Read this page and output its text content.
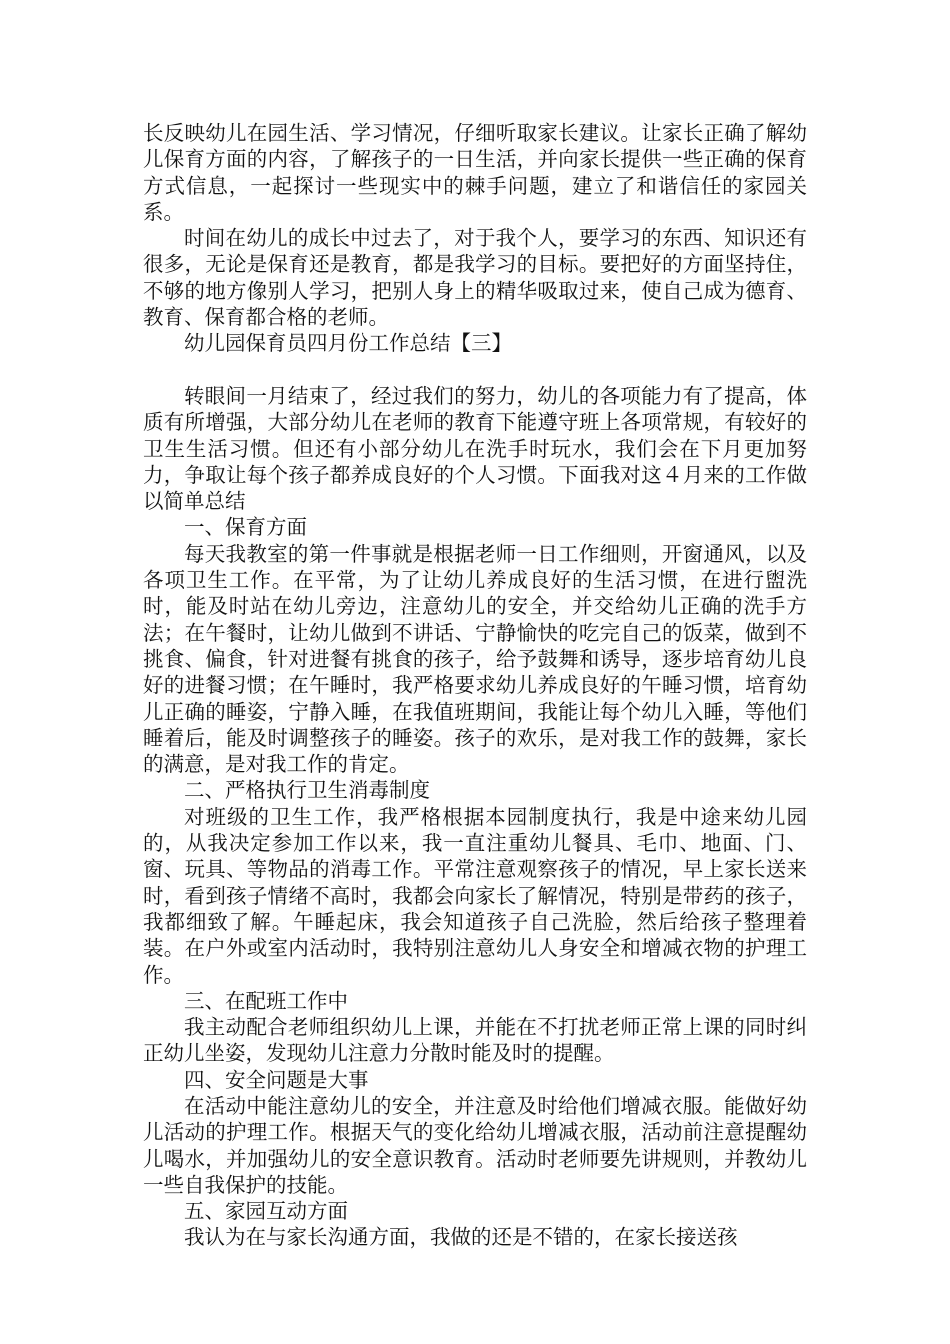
长反映幼儿在园生活、学习情况，仔细听取家长建议。让家长正确了解幼儿保育方面的内容，了解孩子的一日生活，并向家长提供一些正确的保育方式信息，一起探讨一些现实中的棘手问题，建立了和谐信任的家园关系。

时间在幼儿的成长中过去了，对于我个人，要学习的东西、知识还有很多，无论是保育还是教育，都是我学习的目标。要把好的方面坚持住，不够的地方像别人学习，把别人身上的精华吸取过来，使自己成为德育、教育、保育都合格的老师。

幼儿园保育员四月份工作总结【三】

转眼间一月结束了，经过我们的努力，幼儿的各项能力有了提高，体质有所增强，大部分幼儿在老师的教育下能遵守班上各项常规，有较好的卫生生活习惯。但还有小部分幼儿在洗手时玩水，我们会在下月更加努力，争取让每个孩子都养成良好的个人习惯。下面我对这４月来的工作做以简单总结

一、保育方面

每天我教室的第一件事就是根据老师一日工作细则，开窗通风，以及各项卫生工作。在平常，为了让幼儿养成良好的生活习惯，在进行盥洗时，能及时站在幼儿旁边，注意幼儿的安全，并交给幼儿正确的洗手方法；在午餐时，让幼儿做到不讲话、宁静愉快的吃完自己的饭菜，做到不挑食、偏食，针对进餐有挑食的孩子，给予鼓舞和诱导，逐步培育幼儿良好的进餐习惯；在午睡时，我严格要求幼儿养成良好的午睡习惯，培育幼儿正确的睡姿，宁静入睡，在我值班期间，我能让每个幼儿入睡，等他们睡着后，能及时调整孩子的睡姿。孩子的欢乐，是对我工作的鼓舞，家长的满意，是对我工作的肯定。

二、严格执行卫生消毒制度

对班级的卫生工作，我严格根据本园制度执行，我是中途来幼儿园的，从我决定参加工作以来，我一直注重幼儿餐具、毛巾、地面、门、窗、玩具、等物品的消毒工作。平常注意观察孩子的情况，早上家长送来时，看到孩子情绪不高时，我都会向家长了解情况，特别是带药的孩子，我都细致了解。午睡起床，我会知道孩子自己洗脸，然后给孩子整理着装。在户外或室内活动时，我特别注意幼儿人身安全和增减衣物的护理工作。

三、在配班工作中

我主动配合老师组织幼儿上课，并能在不打扰老师正常上课的同时纠正幼儿坐姿，发现幼儿注意力分散时能及时的提醒。

四、安全问题是大事

在活动中能注意幼儿的安全，并注意及时给他们增减衣服。能做好幼儿活动的护理工作。根据天气的变化给幼儿增减衣服，活动前注意提醒幼儿喝水，并加强幼儿的安全意识教育。活动时老师要先讲规则，并教幼儿一些自我保护的技能。

五、家园互动方面

我认为在与家长沟通方面，我做的还是不错的，在家长接送孩
